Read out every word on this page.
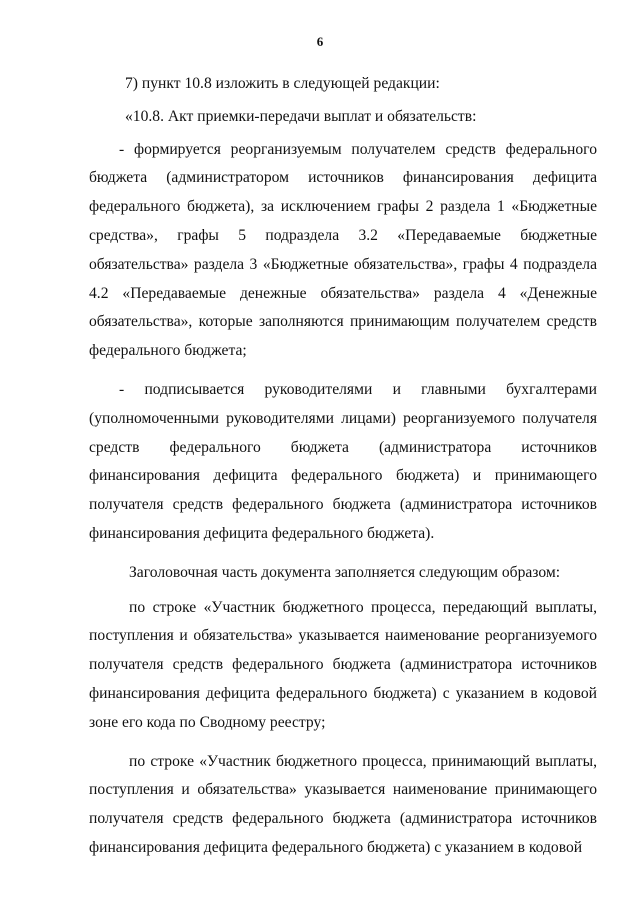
6

7) пункт 10.8 изложить в следующей редакции:

«10.8. Акт приемки-передачи выплат и обязательств:

- формируется реорганизуемым получателем средств федерального бюджета (администратором источников финансирования дефицита федерального бюджета), за исключением графы 2 раздела 1 «Бюджетные средства», графы 5 подраздела 3.2 «Передаваемые бюджетные обязательства» раздела 3 «Бюджетные обязательства», графы 4 подраздела 4.2 «Передаваемые денежные обязательства» раздела 4 «Денежные обязательства», которые заполняются принимающим получателем средств федерального бюджета;

- подписывается руководителями и главными бухгалтерами (уполномоченными руководителями лицами) реорганизуемого получателя средств федерального бюджета (администратора источников финансирования дефицита федерального бюджета) и принимающего получателя средств федерального бюджета (администратора источников финансирования дефицита федерального бюджета).

Заголовочная часть документа заполняется следующим образом:

по строке «Участник бюджетного процесса, передающий выплаты, поступления и обязательства» указывается наименование реорганизуемого получателя средств федерального бюджета (администратора источников финансирования дефицита федерального бюджета) с указанием в кодовой зоне его кода по Сводному реестру;

по строке «Участник бюджетного процесса, принимающий выплаты, поступления и обязательства» указывается наименование принимающего получателя средств федерального бюджета (администратора источников финансирования дефицита федерального бюджета) с указанием в кодовой
